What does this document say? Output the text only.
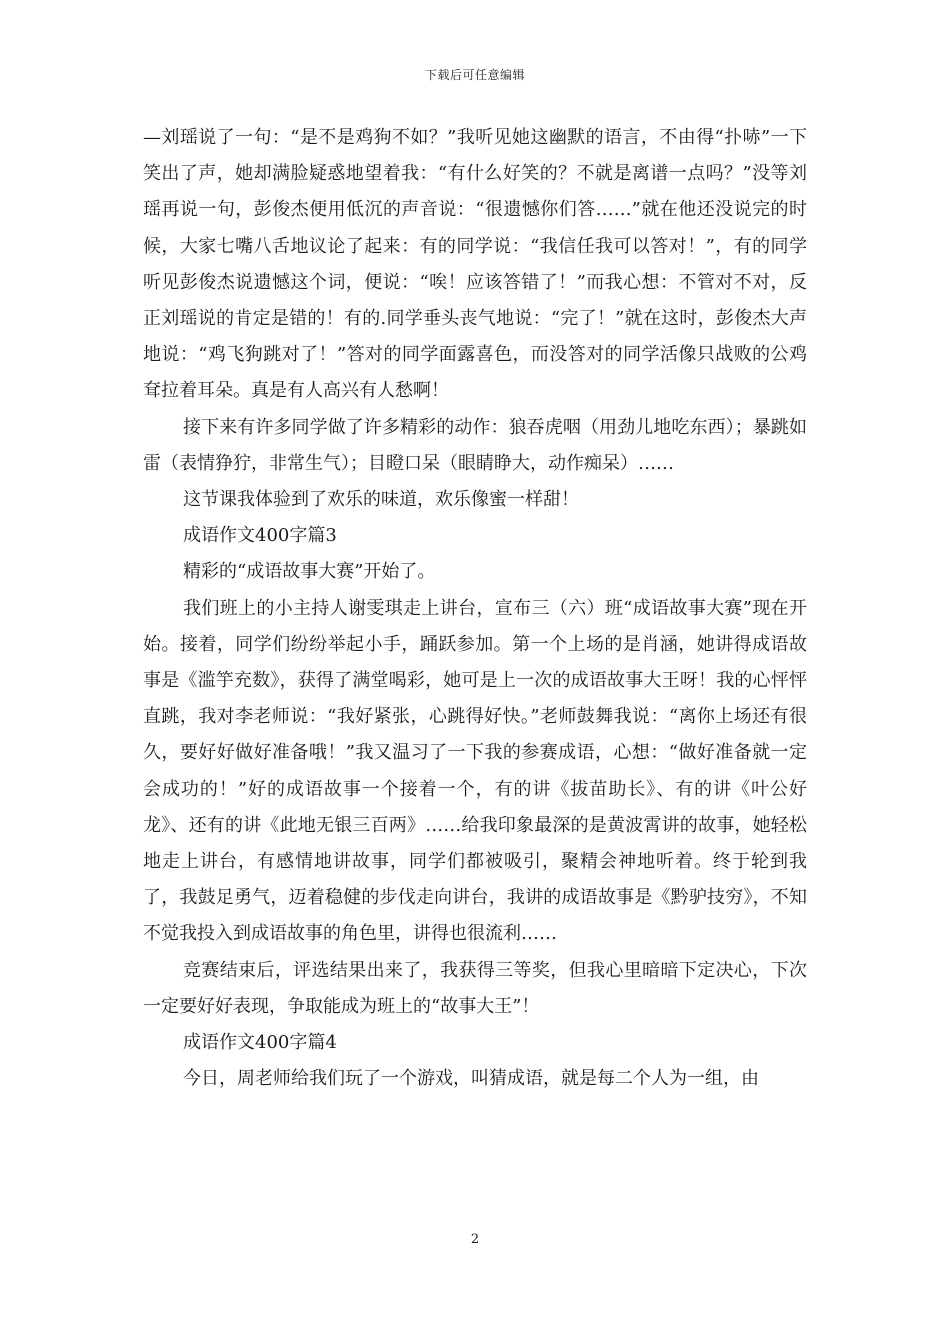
下载后可任意编辑

—刘瑶说了一句：“是不是鸡狗不如？”我听见她这幽默的语言，不由得“扑哧”一下笑出了声，她却满脸疑惑地望着我：“有什么好笑的？不就是离谱一点吗？”没等刘瑶再说一句，彭俊杰便用低沉的声音说：“很遗憾你们答……”就在他还没说完的时候，大家七嘴八舌地议论了起来：有的同学说：“我信任我可以答对！”，有的同学听见彭俊杰说遗憾这个词，便说：“唉！应该答错了！”而我心想：不管对不对，反正刘瑶说的肯定是错的！有的.同学垂头丧气地说：“完了！”就在这时，彭俊杰大声地说：“鸡飞狗跳对了！”答对的同学面露喜色，而没答对的同学活像只战败的公鸡耷拉着耳朵。真是有人高兴有人愁啊！

接下来有许多同学做了许多精彩的动作：狼吞虎咽（用劲儿地吃东西）；暴跳如雷（表情狰狞，非常生气）；目瞪口呆（眼睛睁大，动作痴呆）……

这节课我体验到了欢乐的味道，欢乐像蜜一样甜！

成语作文400字篇3

精彩的“成语故事大赛”开始了。

我们班上的小主持人谢雯琪走上讲台，宣布三（六）班“成语故事大赛”现在开始。接着，同学们纷纷举起小手，踊跃参加。第一个上场的是肖涵，她讲得成语故事是《滥竽充数》，获得了满堂喝彩，她可是上一次的成语故事大王呀！我的心怦怦直跳，我对李老师说：“我好紧张，心跳得好快。”老师鼓舞我说：“离你上场还有很久，要好好做好准备哦！”我又温习了一下我的参赛成语，心想：“做好准备就一定会成功的！”好的成语故事一个接着一个，有的讲《拔苗助长》、有的讲《叶公好龙》、还有的讲《此地无银三百两》……给我印象最深的是黄波霄讲的故事，她轻松地走上讲台，有感情地讲故事，同学们都被吸引，聚精会神地听着。终于轮到我了，我鼓足勇气，迈着稳健的步伐走向讲台，我讲的成语故事是《黔驴技穷》，不知不觉我投入到成语故事的角色里，讲得也很流利……

竞赛结束后，评选结果出来了，我获得三等奖，但我心里暗暗下定决心，下次一定要好好表现，争取能成为班上的“故事大王”！

成语作文400字篇4

今日，周老师给我们玩了一个游戏，叫猜成语，就是每二个人为一组，由

2
